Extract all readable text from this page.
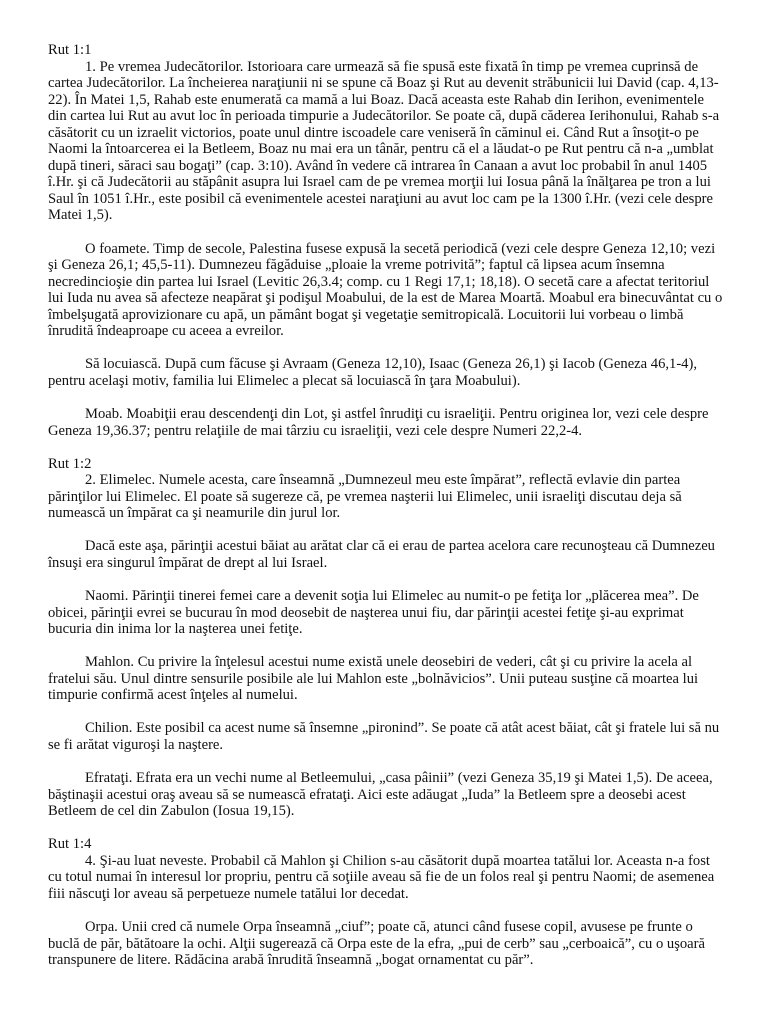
Rut 1:1

1. Pe vremea Judecătorilor. Istorioara care urmează să fie spusă este fixată în timp pe vremea cuprinsă de cartea Judecătorilor. La încheierea naraţiunii ni se spune că Boaz şi Rut au devenit străbunicii lui David (cap. 4,13-22). În Matei 1,5, Rahab este enumerată ca mamă a lui Boaz. Dacă aceasta este Rahab din Ierihon, evenimentele din cartea lui Rut au avut loc în perioada timpurie a Judecătorilor. Se poate că, după căderea Ierihonului, Rahab s-a căsătorit cu un izraelit victorios, poate unul dintre iscoadele care veniseră în căminul ei. Când Rut a însoţit-o pe Naomi la întoarcerea ei la Betleem, Boaz nu mai era un tânăr, pentru că el a lăudat-o pe Rut pentru că n-a „umblat după tineri, săraci sau bogaţi” (cap. 3:10). Având în vedere că intrarea în Canaan a avut loc probabil în anul 1405 î.Hr. şi că Judecătorii au stăpânit asupra lui Israel cam de pe vremea morţii lui Iosua până la înălţarea pe tron a lui Saul în 1051 î.Hr., este posibil că evenimentele acestei naraţiuni au avut loc cam pe la 1300 î.Hr. (vezi cele despre Matei 1,5).

O foamete. Timp de secole, Palestina fusese expusă la secetă periodică (vezi cele despre Geneza 12,10; vezi şi Geneza 26,1; 45,5-11). Dumnezeu făgăduise „ploaie la vreme potrivită”; faptul că lipsea acum însemna necredincioşie din partea lui Israel (Levitic 26,3.4; comp. cu 1 Regi 17,1; 18,18). O secetă care a afectat teritoriul lui Iuda nu avea să afecteze neapărat şi podişul Moabului, de la est de Marea Moartă. Moabul era binecuvântat cu o îmbelşugată aprovizionare cu apă, un pământ bogat şi vegetaţie semitropicală. Locuitorii lui vorbeau o limbă înrudită îndeaproape cu aceea a evreilor.

Să locuiască. După cum făcuse şi Avraam (Geneza 12,10), Isaac (Geneza 26,1) şi Iacob (Geneza 46,1-4), pentru acelaşi motiv, familia lui Elimelec a plecat să locuiască în ţara Moabului).

Moab. Moabiţii erau descendenţi din Lot, şi astfel înrudiţi cu israeliţii. Pentru originea lor, vezi cele despre Geneza 19,36.37; pentru relaţiile de mai târziu cu israeliţii, vezi cele despre Numeri 22,2-4.

Rut 1:2

2. Elimelec. Numele acesta, care înseamnă „Dumnezeul meu este împărat”, reflectă evlavie din partea părinţilor lui Elimelec. El poate să sugereze că, pe vremea naşterii lui Elimelec, unii israeliţi discutau deja să numească un împărat ca şi neamurile din jurul lor.

Dacă este aşa, părinţii acestui băiat au arătat clar că ei erau de partea acelora care recunoşteau că Dumnezeu însuşi era singurul împărat de drept al lui Israel.

Naomi. Părinţii tinerei femei care a devenit soţia lui Elimelec au numit-o pe fetiţa lor „plăcerea mea”. De obicei, părinţii evrei se bucurau în mod deosebit de naşterea unui fiu, dar părinţii acestei fetiţe şi-au exprimat bucuria din inima lor la naşterea unei fetiţe.

Mahlon. Cu privire la înţelesul acestui nume există unele deosebiri de vederi, cât şi cu privire la acela al fratelui său. Unul dintre sensurile posibile ale lui Mahlon este „bolnăvicios”. Unii puteau susţine că moartea lui timpurie confirmă acest înţeles al numelui.

Chilion. Este posibil ca acest nume să însemne „pironind”. Se poate că atât acest băiat, cât şi fratele lui să nu se fi arătat viguroşi la naştere.

Efrataţi. Efrata era un vechi nume al Betleemului, „casa pâinii” (vezi Geneza 35,19 şi Matei 1,5). De aceea, băştinaşii acestui oraş aveau să se numească efrataţi. Aici este adăugat „Iuda” la Betleem spre a deosebi acest Betleem de cel din Zabulon (Iosua 19,15).

Rut 1:4

4. Şi-au luat neveste. Probabil că Mahlon şi Chilion s-au căsătorit după moartea tatălui lor. Aceasta n-a fost cu totul numai în interesul lor propriu, pentru că soţiile aveau să fie de un folos real şi pentru Naomi; de asemenea fiii născuţi lor aveau să perpetueze numele tatălui lor decedat.

Orpa. Unii cred că numele Orpa înseamnă „ciuf”; poate că, atunci când fusese copil, avusese pe frunte o buclă de păr, bătătoare la ochi. Alţii sugerează că Orpa este de la efra, „pui de cerb” sau „cerboaică”, cu o uşoară transpunere de litere. Rădăcina arabă înrudită înseamnă „bogat ornamentat cu păr”.
